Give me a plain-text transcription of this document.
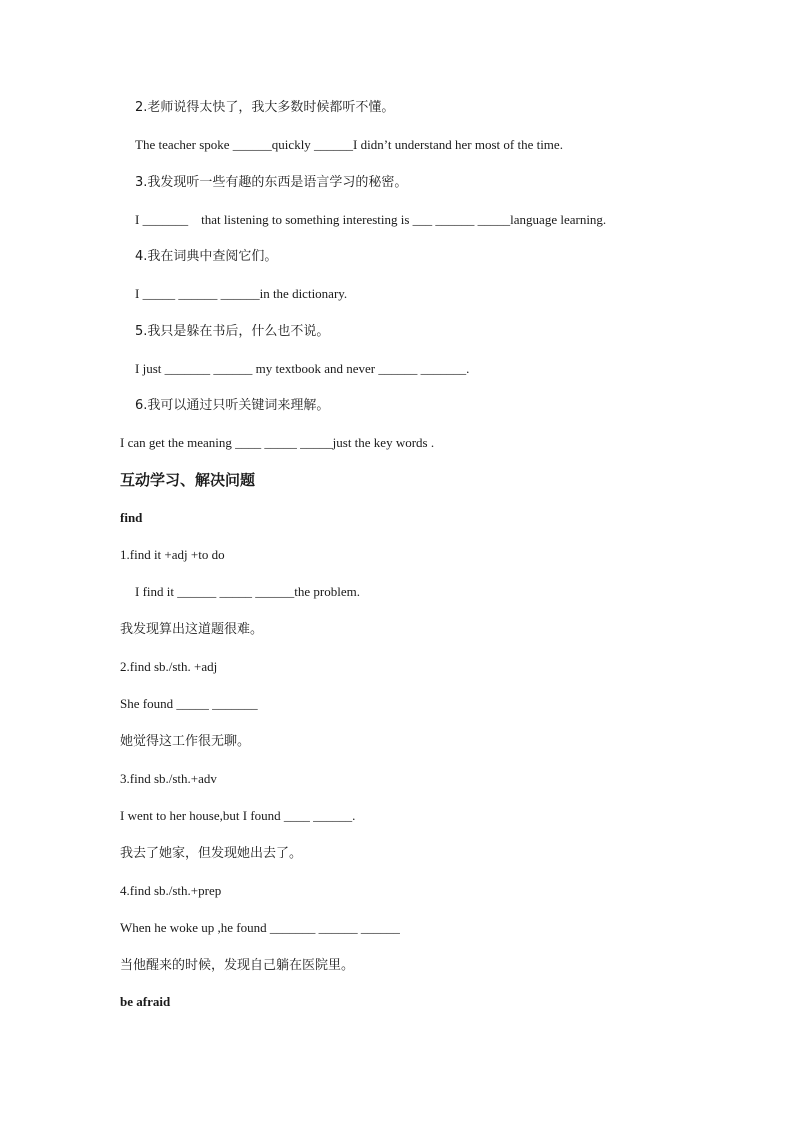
2.老师说得太快了，我大多数时候都听不懂。
The teacher spoke ______quickly ______I didn’t understand her most of the time.
3.我发现听一些有趣的东西是语言学习的秘密。
I _______    that listening to something interesting is ___ ______ _____language learning.
4.我在词典中查阅它们。
I _____ ______ ______in the dictionary.
5.我只是躲在书后，什么也不说。
I just _______ ______ my textbook and never ______ _______.
6.我可以通过只听关键词来理解。
I can get the meaning ____ _____ _____just the key words .
互动学习、解决问题
find
1.find it +adj +to do
I find it ______ _____ ______the problem.
我发现算出这道题很难。
2.find sb./sth. +adj
She found _____ _______
她觉得这工作很无聊。
3.find sb./sth.+adv
I went to her house,but I found ____ ______.
我去了她家，但发现她出去了。
4.find sb./sth.+prep
When he woke up ,he found _______ ______ ______
当他醒来的时候，发现自己躺在医院里。
be afraid
